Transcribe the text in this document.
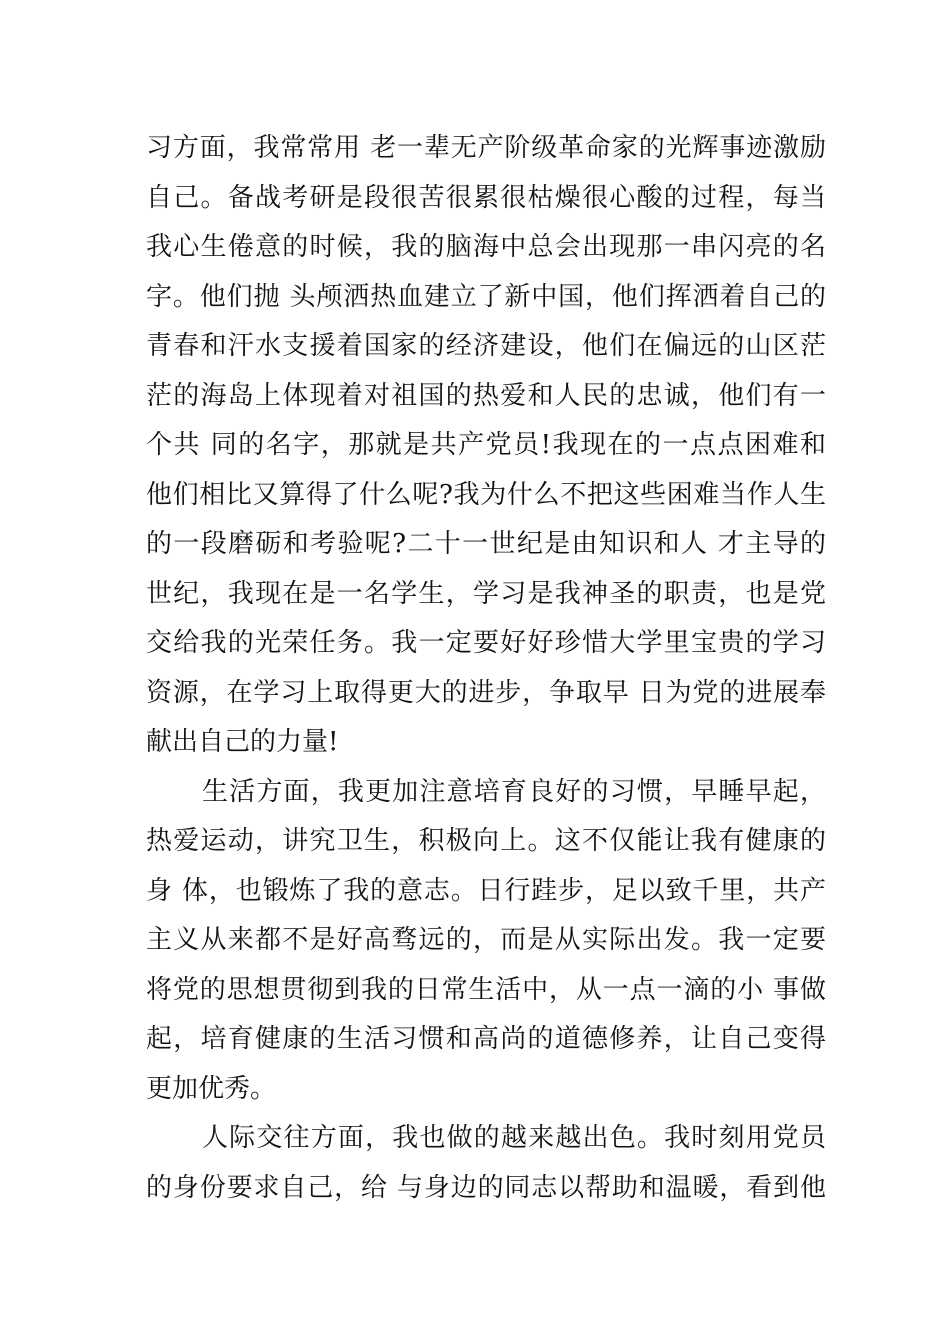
习方面，我常常用 老一辈无产阶级革命家的光辉事迹激励
自己。备战考研是段很苦很累很枯燥很心酸的过程，每当
我心生倦意的时候，我的脑海中总会出现那一串闪亮的名
字。他们抛 头颅洒热血建立了新中国，他们挥洒着自己的
青春和汗水支援着国家的经济建设，他们在偏远的山区茫
茫的海岛上体现着对祖国的热爱和人民的忠诚，他们有一
个共 同的名字，那就是共产党员!我现在的一点点困难和
他们相比又算得了什么呢?我为什么不把这些困难当作人生
的一段磨砺和考验呢?二十一世纪是由知识和人 才主导的
世纪，我现在是一名学生，学习是我神圣的职责，也是党
交给我的光荣任务。我一定要好好珍惜大学里宝贵的学习
资源，在学习上取得更大的进步，争取早 日为党的进展奉
献出自己的力量!
生活方面，我更加注意培育良好的习惯，早睡早起，
热爱运动，讲究卫生，积极向上。这不仅能让我有健康的
身 体，也锻炼了我的意志。日行跬步，足以致千里，共产
主义从来都不是好高骛远的，而是从实际出发。我一定要
将党的思想贯彻到我的日常生活中，从一点一滴的小 事做
起，培育健康的生活习惯和高尚的道德修养，让自己变得
更加优秀。
人际交往方面，我也做的越来越出色。我时刻用党员
的身份要求自己，给 与身边的同志以帮助和温暖，看到他
